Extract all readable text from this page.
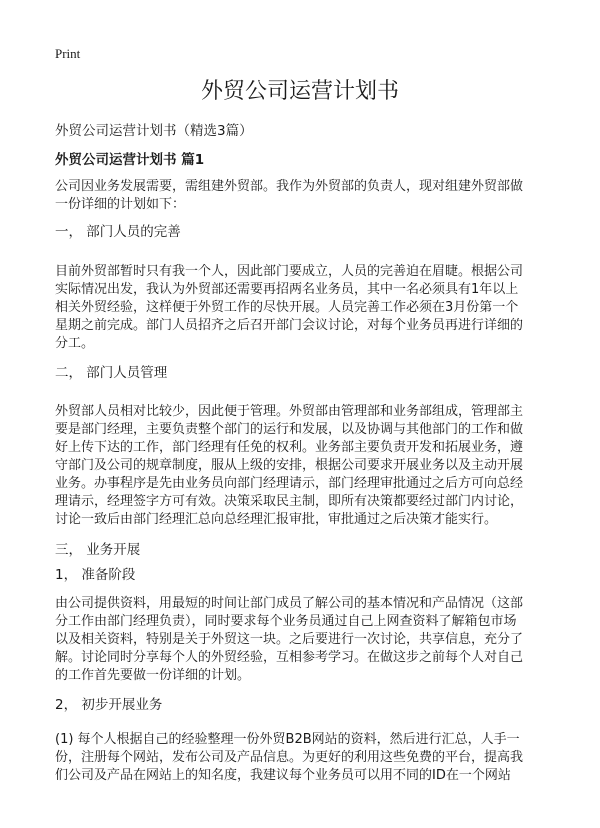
Print
外贸公司运营计划书
外贸公司运营计划书（精选3篇）
外贸公司运营计划书 篇1
公司因业务发展需要，需组建外贸部。我作为外贸部的负责人，现对组建外贸部做
一份详细的计划如下：
一， 部门人员的完善
目前外贸部暂时只有我一个人，因此部门要成立，人员的完善迫在眉睫。根据公司
实际情况出发，我认为外贸部还需要再招两名业务员，其中一名必须具有1年以上
相关外贸经验，这样便于外贸工作的尽快开展。人员完善工作必须在3月份第一个
星期之前完成。部门人员招齐之后召开部门会议讨论，对每个业务员再进行详细的
分工。
二， 部门人员管理
外贸部人员相对比较少，因此便于管理。外贸部由管理部和业务部组成，管理部主
要是部门经理，主要负责整个部门的运行和发展，以及协调与其他部门的工作和做
好上传下达的工作，部门经理有任免的权利。业务部主要负责开发和拓展业务，遵
守部门及公司的规章制度，服从上级的安排，根据公司要求开展业务以及主动开展
业务。办事程序是先由业务员向部门经理请示，部门经理审批通过之后方可向总经
理请示，经理签字方可有效。决策采取民主制，即所有决策都要经过部门内讨论，
讨论一致后由部门经理汇总向总经理汇报审批，审批通过之后决策才能实行。
三， 业务开展
1， 准备阶段
由公司提供资料，用最短的时间让部门成员了解公司的基本情况和产品情况（这部
分工作由部门经理负责），同时要求每个业务员通过自己上网查资料了解箱包市场
以及相关资料，特别是关于外贸这一块。之后要进行一次讨论，共享信息，充分了
解。讨论同时分享每个人的外贸经验，互相参考学习。在做这步之前每个人对自己
的工作首先要做一份详细的计划。
2， 初步开展业务
(1) 每个人根据自己的经验整理一份外贸B2B网站的资料，然后进行汇总，人手一
份，注册每个网站，发布公司及产品信息。为更好的利用这些免费的平台，提高我
们公司及产品在网站上的知名度，我建议每个业务员可以用不同的ID在一个网站
